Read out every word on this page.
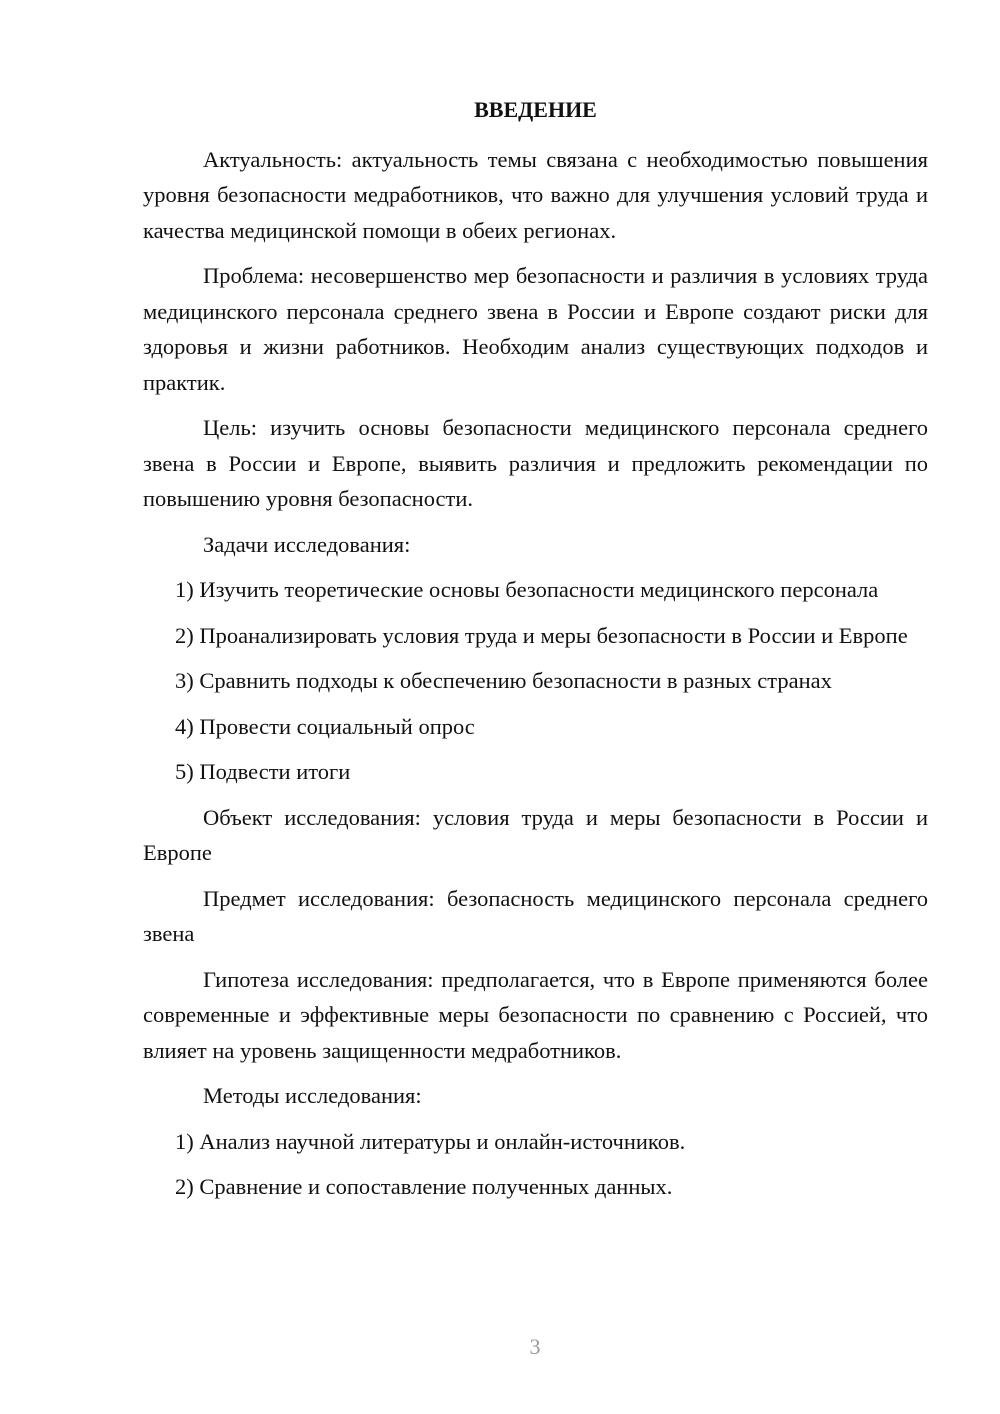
ВВЕДЕНИЕ

Актуальность: актуальность темы связана с необходимостью повышения уровня безопасности медработников, что важно для улучшения условий труда и качества медицинской помощи в обеих регионах.

Проблема: несовершенство мер безопасности и различия в условиях труда медицинского персонала среднего звена в России и Европе создают риски для здоровья и жизни работников. Необходим анализ существующих подходов и практик.

Цель: изучить основы безопасности медицинского персонала среднего звена в России и Европе, выявить различия и предложить рекомендации по повышению уровня безопасности.

Задачи исследования:

1) Изучить теоретические основы безопасности медицинского персонала

2) Проанализировать условия труда и меры безопасности в России и Европе

3) Сравнить подходы к обеспечению безопасности в разных странах

4) Провести социальный опрос

5) Подвести итоги

Объект исследования: условия труда и меры безопасности в России и Европе

Предмет исследования: безопасность медицинского персонала среднего звена

Гипотеза исследования: предполагается, что в Европе применяются более современные и эффективные меры безопасности по сравнению с Россией, что влияет на уровень защищенности медработников.

Методы исследования:

1) Анализ научной литературы и онлайн-источников.

2) Сравнение и сопоставление полученных данных.

3
